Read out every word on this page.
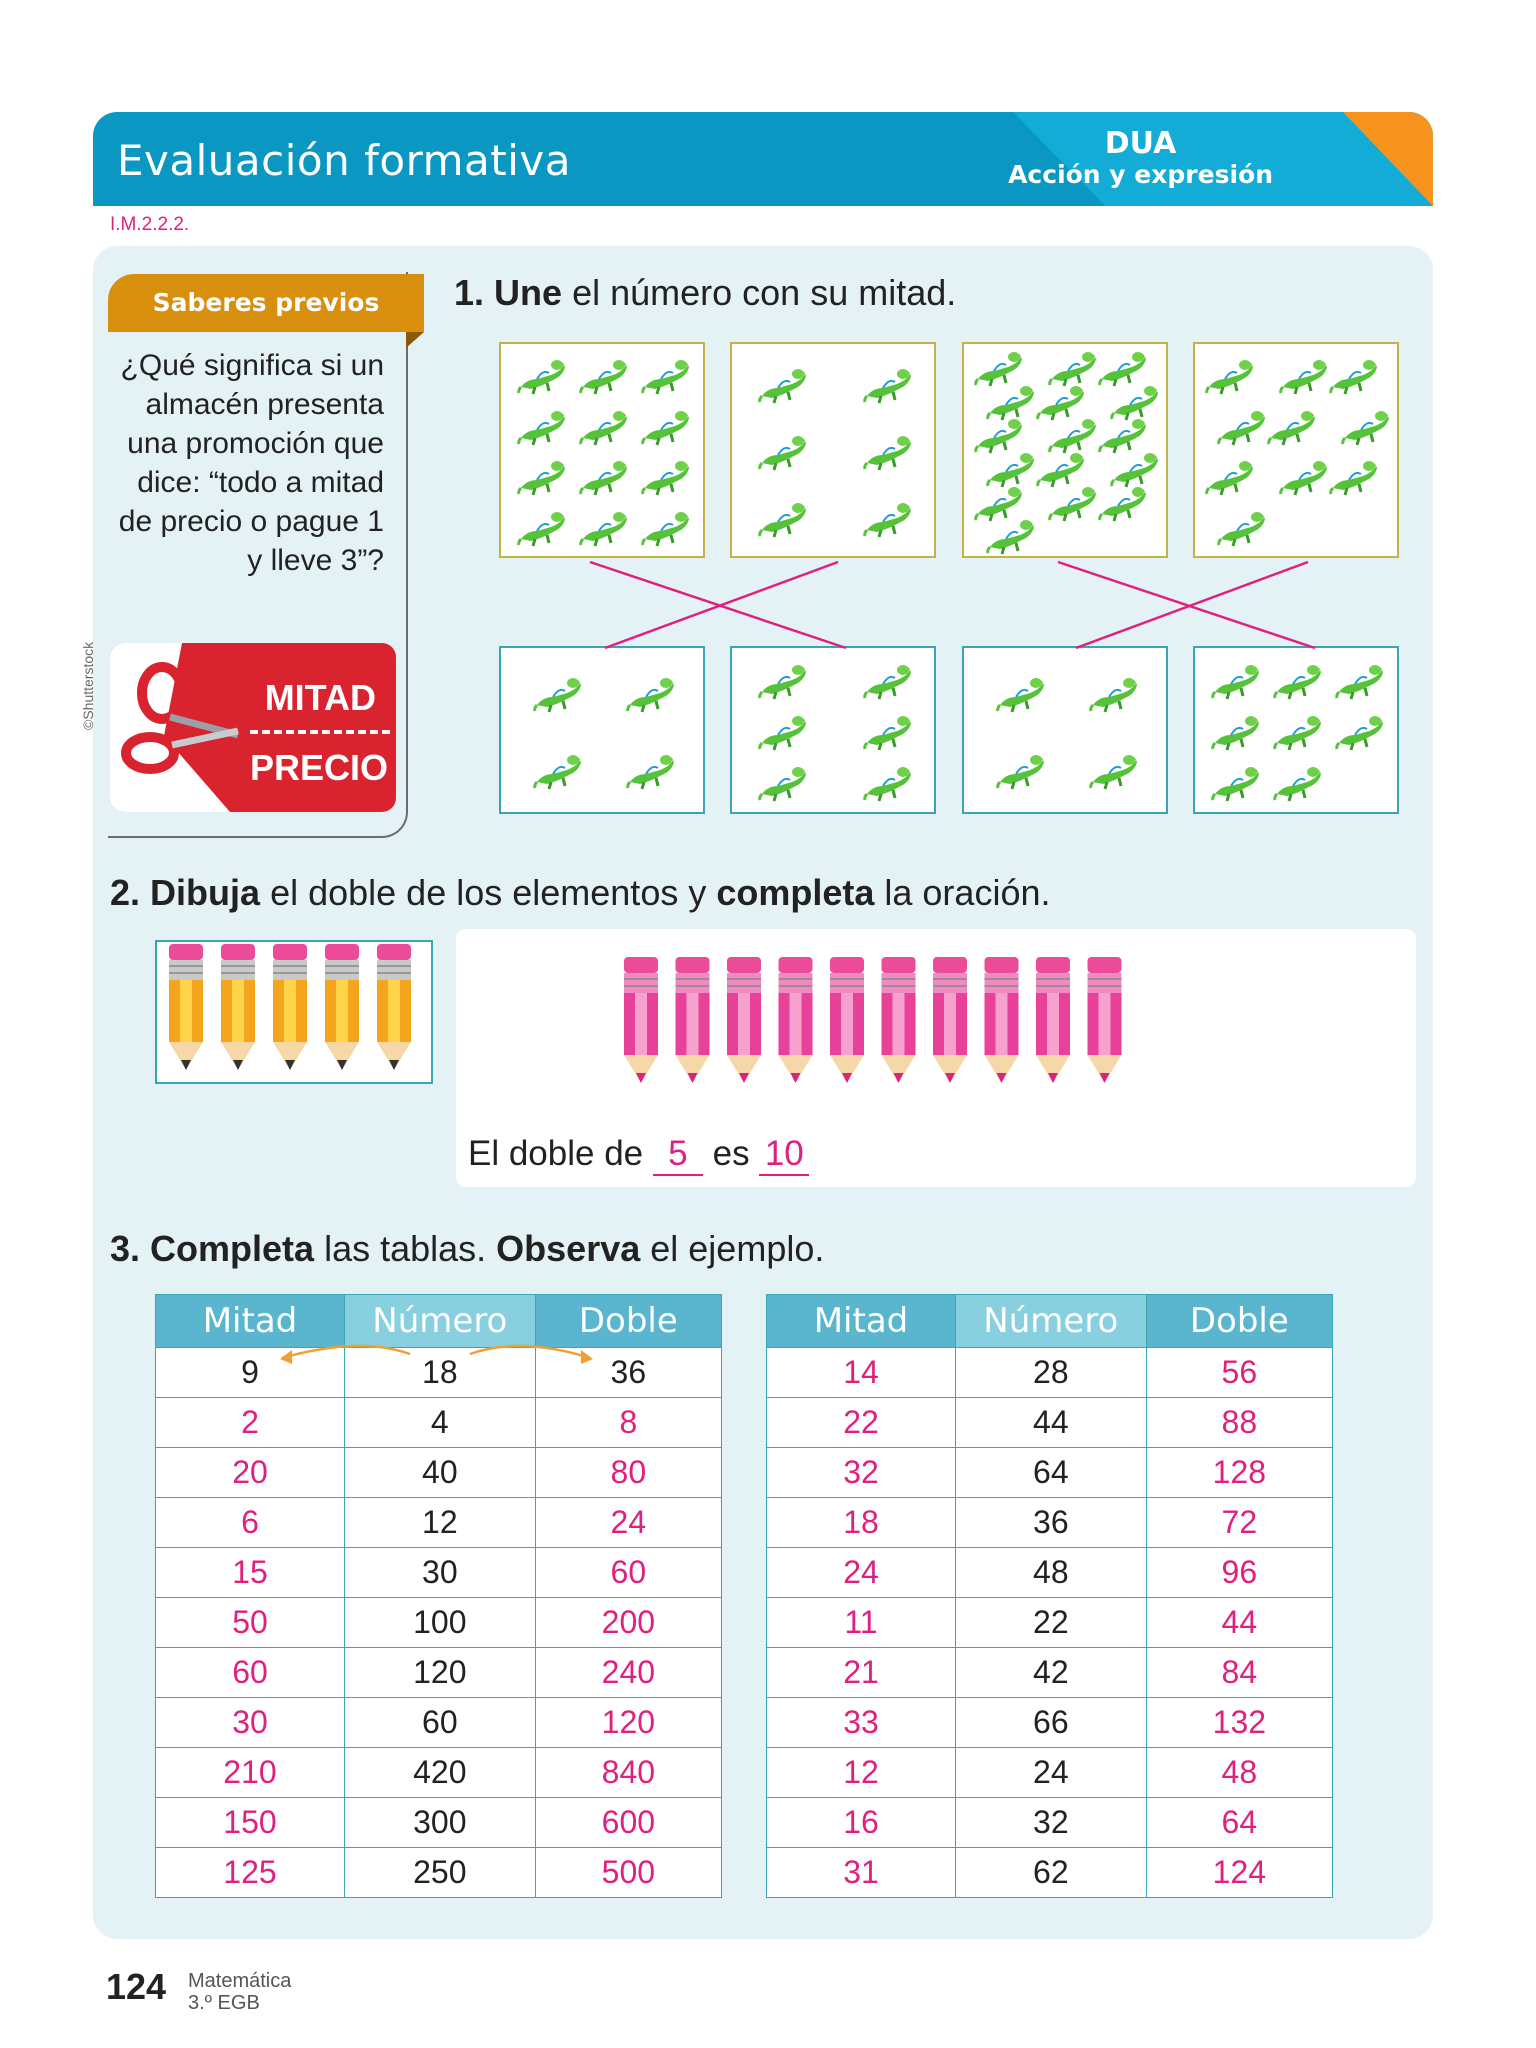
Evaluación formativa	DUA
Acción y expresión
I.M.2.2.2.
Saberes previos
¿Qué significa si un almacén presenta una promoción que dice: “todo a mitad de precio o pague 1 y lleve 3”?
©Shutterstock	MITAD
PRECIO
1. Une el número con su mitad.
2. Dibuja el doble de los elementos y completa la oración.
El doble de 5 es 10
3. Completa las tablas. Observa el ejemplo.
Mitad	Número	Doble
9	18	36
2	4	8
20	40	80
6	12	24
15	30	60
50	100	200
60	120	240
30	60	120
210	420	840
150	300	600
125	250	500
Mitad	Número	Doble
14	28	56
22	44	88
32	64	128
18	36	72
24	48	96
11	22	44
21	42	84
33	66	132
12	24	48
16	32	64
31	62	124
124 Matemática
3.º EGB
